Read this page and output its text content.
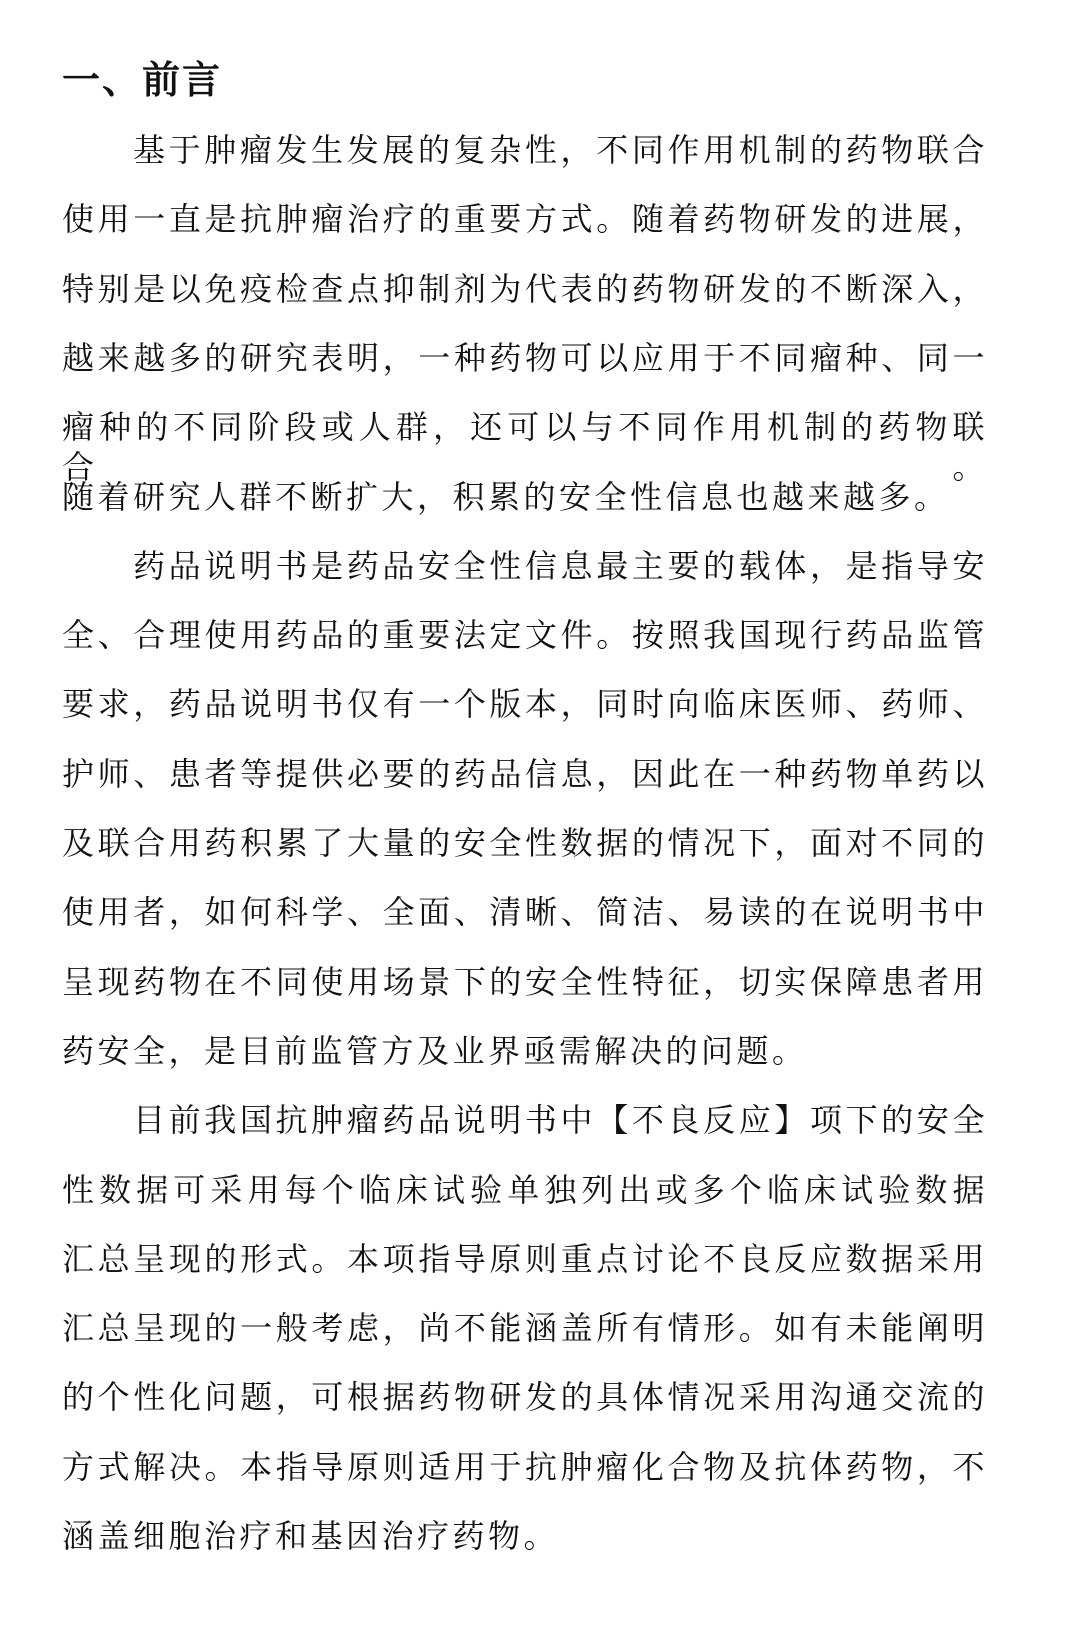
一、前言
基于肿瘤发生发展的复杂性，不同作用机制的药物联合
使用一直是抗肿瘤治疗的重要方式。随着药物研发的进展，
特别是以免疫检查点抑制剂为代表的药物研发的不断深入，
越来越多的研究表明，一种药物可以应用于不同瘤种、同一
瘤种的不同阶段或人群，还可以与不同作用机制的药物联合。
随着研究人群不断扩大，积累的安全性信息也越来越多。
药品说明书是药品安全性信息最主要的载体，是指导安
全、合理使用药品的重要法定文件。按照我国现行药品监管
要求，药品说明书仅有一个版本，同时向临床医师、药师、
护师、患者等提供必要的药品信息，因此在一种药物单药以
及联合用药积累了大量的安全性数据的情况下，面对不同的
使用者，如何科学、全面、清晰、简洁、易读的在说明书中
呈现药物在不同使用场景下的安全性特征，切实保障患者用
药安全，是目前监管方及业界亟需解决的问题。
目前我国抗肿瘤药品说明书中【不良反应】项下的安全
性数据可采用每个临床试验单独列出或多个临床试验数据
汇总呈现的形式。本项指导原则重点讨论不良反应数据采用
汇总呈现的一般考虑，尚不能涵盖所有情形。如有未能阐明
的个性化问题，可根据药物研发的具体情况采用沟通交流的
方式解决。本指导原则适用于抗肿瘤化合物及抗体药物，不
涵盖细胞治疗和基因治疗药物。
